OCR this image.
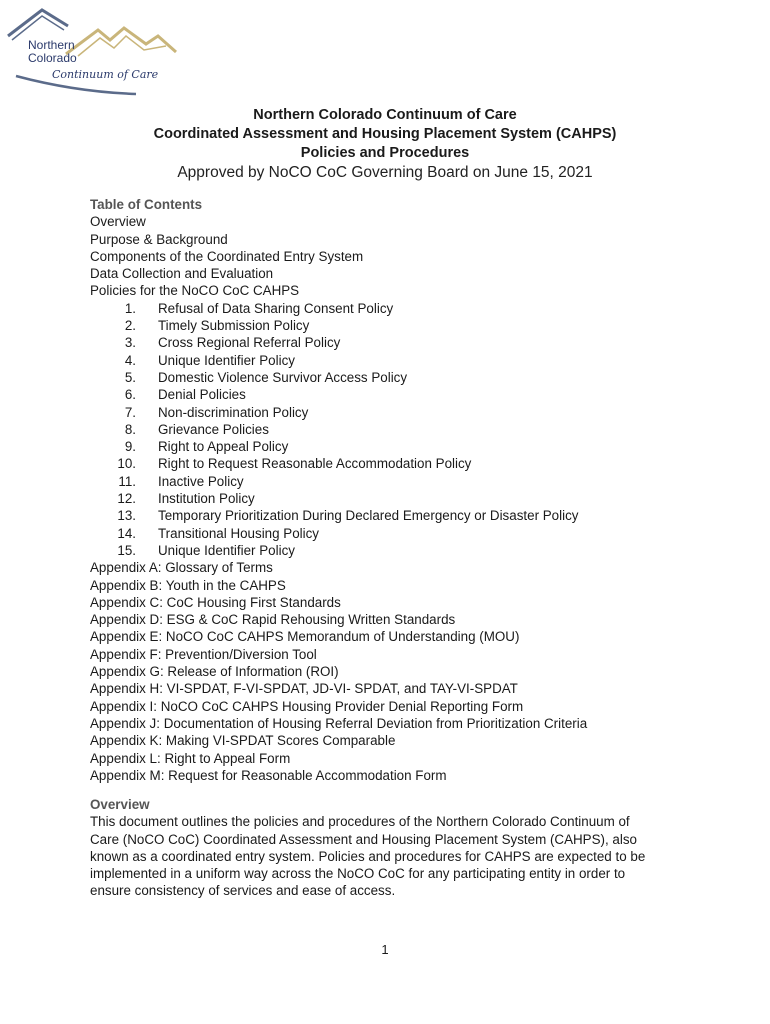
Northern
Colorado
Continuum of Care
Northern Colorado Continuum of Care
Coordinated Assessment and Housing Placement System (CAHPS)
Policies and Procedures
Approved by NoCO CoC Governing Board on June 15, 2021
Table of Contents
Overview
Purpose & Background
Components of the Coordinated Entry System
Data Collection and Evaluation
Policies for the NoCO CoC CAHPS
1. Refusal of Data Sharing Consent Policy
2. Timely Submission Policy
3. Cross Regional Referral Policy
4. Unique Identifier Policy
5. Domestic Violence Survivor Access Policy
6. Denial Policies
7. Non-discrimination Policy
8. Grievance Policies
9. Right to Appeal Policy
10. Right to Request Reasonable Accommodation Policy
11. Inactive Policy
12. Institution Policy
13. Temporary Prioritization During Declared Emergency or Disaster Policy
14. Transitional Housing Policy
15. Unique Identifier Policy
Appendix A: Glossary of Terms
Appendix B: Youth in the CAHPS
Appendix C: CoC Housing First Standards
Appendix D: ESG & CoC Rapid Rehousing Written Standards
Appendix E: NoCO CoC CAHPS Memorandum of Understanding (MOU)
Appendix F: Prevention/Diversion Tool
Appendix G: Release of Information (ROI)
Appendix H: VI-SPDAT, F-VI-SPDAT, JD-VI- SPDAT, and TAY-VI-SPDAT
Appendix I: NoCO CoC CAHPS Housing Provider Denial Reporting Form
Appendix J: Documentation of Housing Referral Deviation from Prioritization Criteria
Appendix K: Making VI-SPDAT Scores Comparable
Appendix L: Right to Appeal Form
Appendix M: Request for Reasonable Accommodation Form
Overview
This document outlines the policies and procedures of the Northern Colorado Continuum of
Care (NoCO CoC) Coordinated Assessment and Housing Placement System (CAHPS), also
known as a coordinated entry system. Policies and procedures for CAHPS are expected to be
implemented in a uniform way across the NoCO CoC for any participating entity in order to
ensure consistency of services and ease of access.
1
